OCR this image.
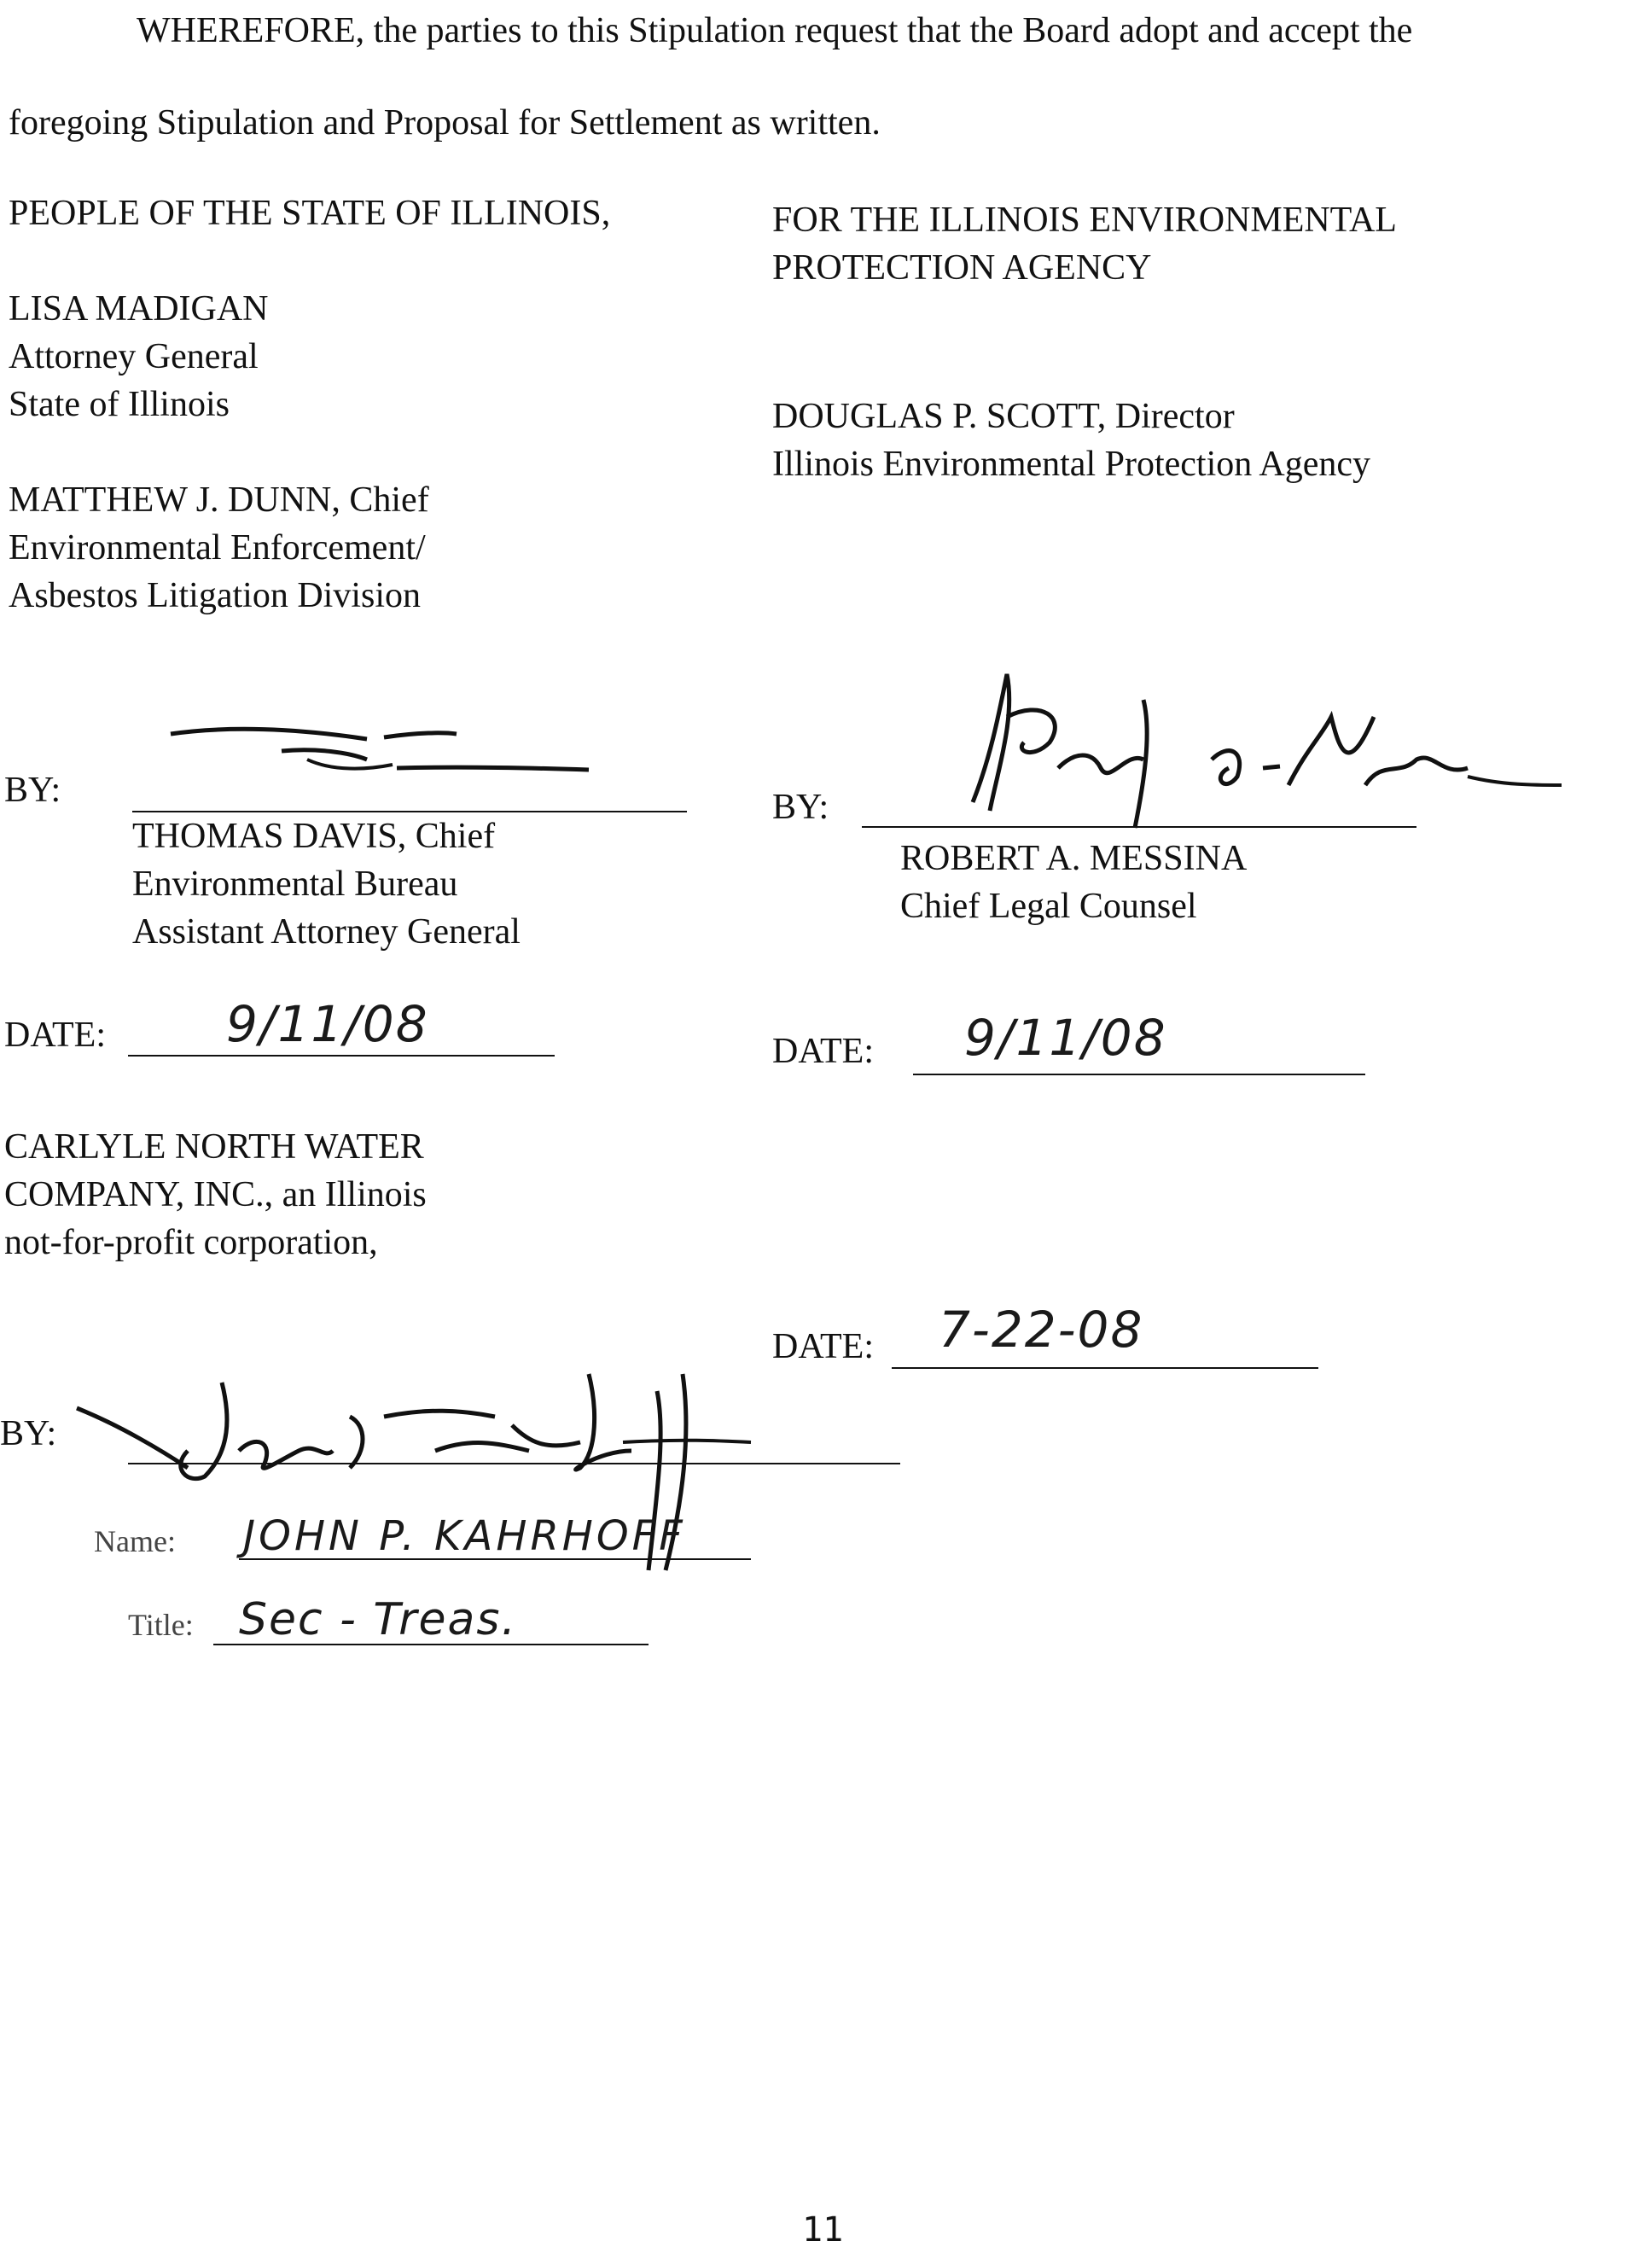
WHEREFORE, the parties to this Stipulation request that the Board adopt and accept the
foregoing Stipulation and Proposal for Settlement as written.
PEOPLE OF THE STATE OF ILLINOIS,
LISA MADIGAN
Attorney General
State of Illinois
MATTHEW J. DUNN, Chief
Environmental Enforcement/
Asbestos Litigation Division
BY:
THOMAS DAVIS, Chief
Environmental Bureau
Assistant Attorney General
DATE: 9/11/08
FOR THE ILLINOIS ENVIRONMENTAL
PROTECTION AGENCY
DOUGLAS P. SCOTT, Director
Illinois Environmental Protection Agency
BY:
ROBERT A. MESSINA
Chief Legal Counsel
DATE: 9/11/08
CARLYLE NORTH WATER
COMPANY, INC., an Illinois
not-for-profit corporation,
DATE: 7-22-08
BY:
Name: JOHN P. KAHRHOFF
Title: Sec - Treas.
11
